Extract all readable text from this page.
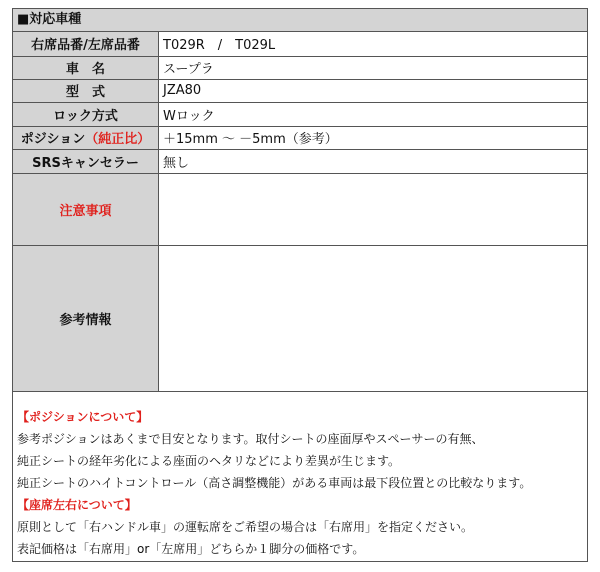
■対応車種
右席品番/左席品番	T029R　/　T029L
車　名	スープラ
型　式	JZA80
ロック方式	Wロック
ポジション（純正比）	＋15mm ～ －5mm（参考）
SRSキャンセラー	無し
注意事項	
参考情報	
【ポジションについて】
参考ポジションはあくまで目安となります。取付シートの座面厚やスペーサーの有無、
純正シートの経年劣化による座面のヘタリなどにより差異が生じます。
純正シートのハイトコントロール（高さ調整機能）がある車両は最下段位置との比較なります。
【座席左右について】
原則として「右ハンドル車」の運転席をご希望の場合は「右席用」を指定ください。
表記価格は「右席用」or「左席用」どちらか１脚分の価格です。
